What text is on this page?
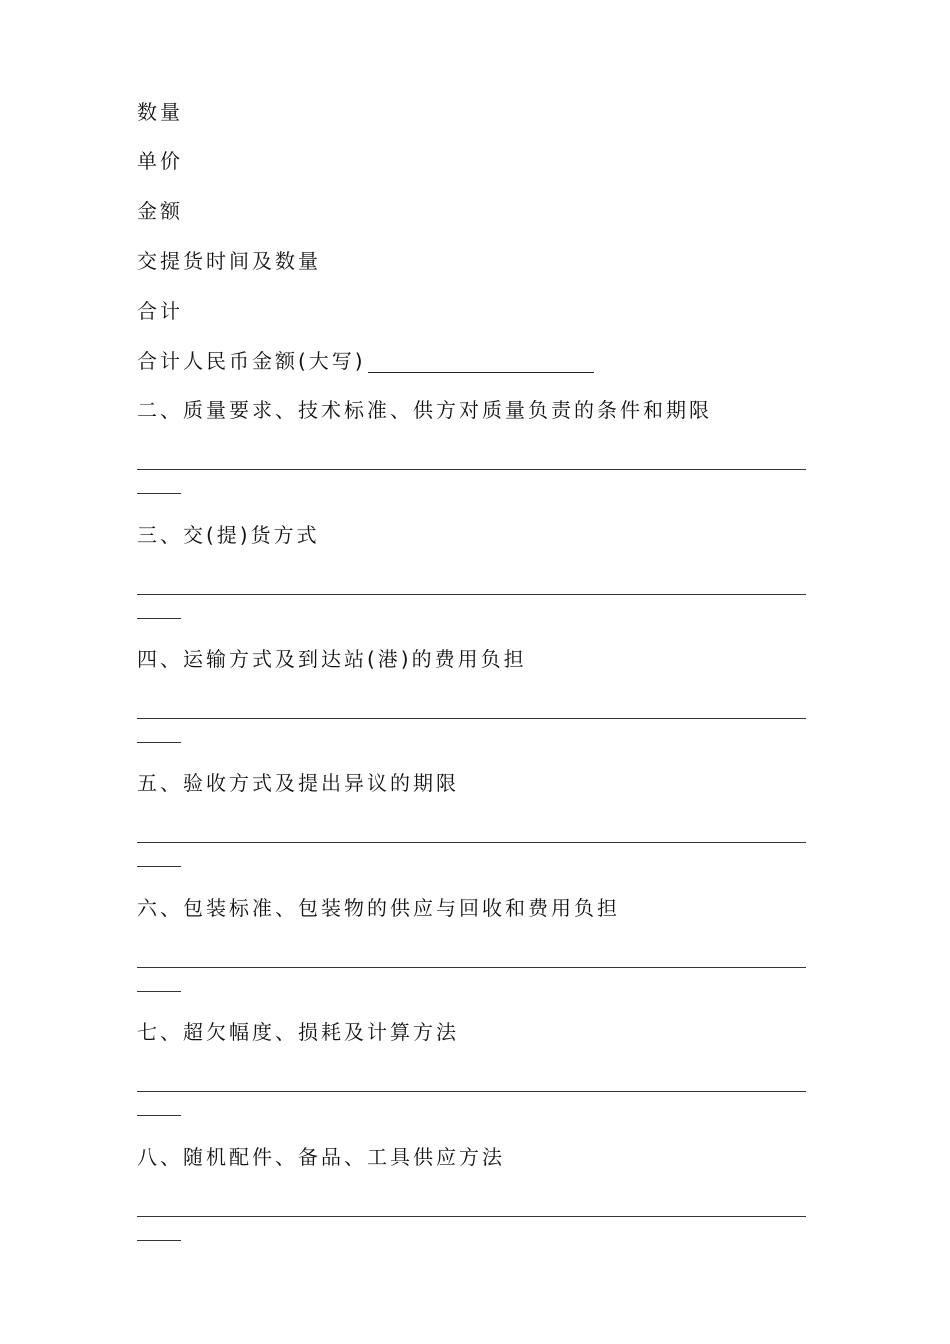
数量
单价
金额
交提货时间及数量
合计
合计人民币金额(大写)
二、质量要求、技术标准、供方对质量负责的条件和期限
三、交(提)货方式
四、运输方式及到达站(港)的费用负担
五、验收方式及提出异议的期限
六、包装标准、包装物的供应与回收和费用负担
七、超欠幅度、损耗及计算方法
八、随机配件、备品、工具供应方法
